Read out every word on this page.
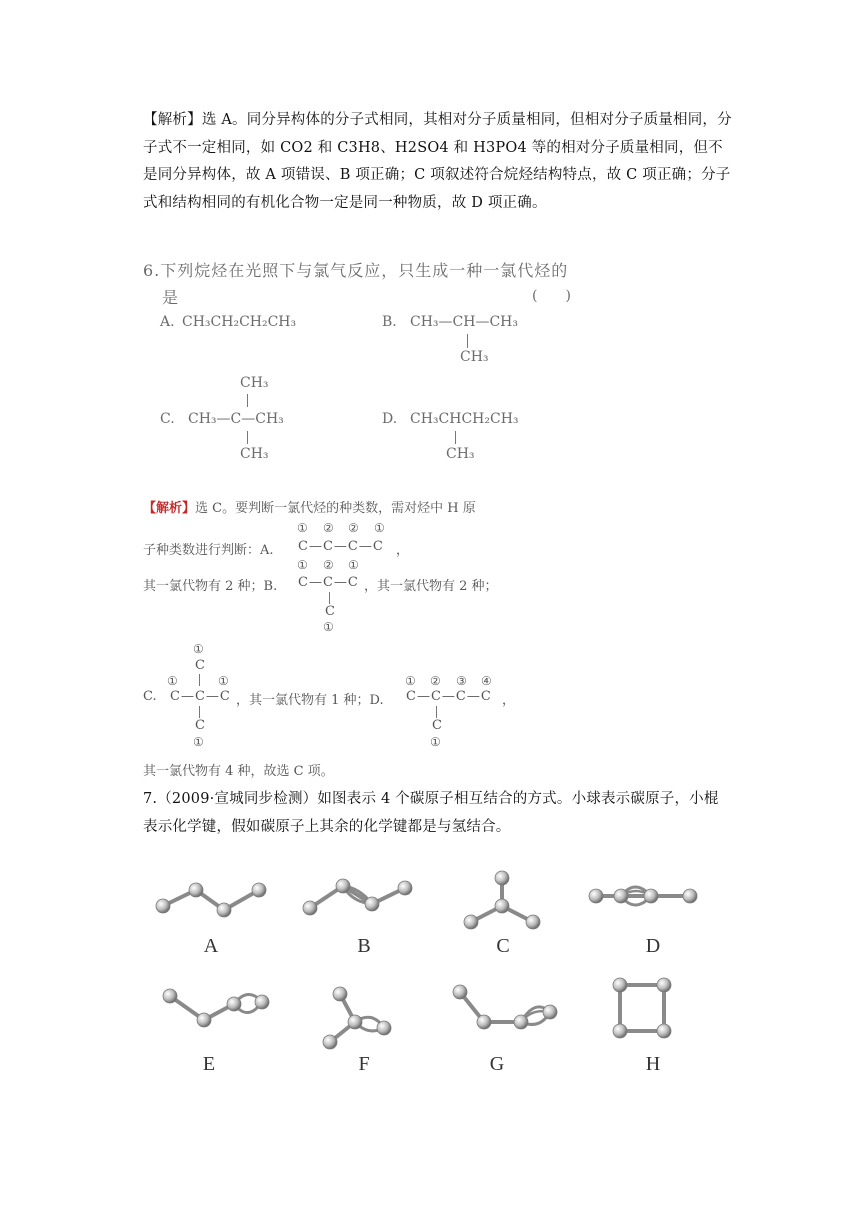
【解析】选 A。同分异构体的分子式相同，其相对分子质量相同，但相对分子质量相同，分子式不一定相同，如 CO2 和 C3H8、H2SO4 和 H3PO4 等的相对分子质量相同，但不是同分异构体，故 A 项错误、B 项正确；C 项叙述符合烷烃结构特点，故 C 项正确；分子式和结构相同的有机化合物一定是同一种物质，故 D 项正确。
6.下列烷烃在光照下与氯气反应，只生成一种一氯代烃的
是	(　　)
A. CH₃CH₂CH₂CH₃	B. CH₃—CH—CH₃
CH₃
CH₃
C. CH₃—C—CH₃
CH₃
D. CH₃CHCH₂CH₃
CH₃
【解析】选 C。要判断一氯代烃的种类数，需对烃中 H 原
子种类数进行判断：A.
① ② ② ①
C—C—C—C ，
其一氯代物有 2 种；B.
① ② ①
C—C—C ，其一氯代物有 2 种；
C
①
①
C
①	①
C. C—C—C ，其一氯代物有 1 种；D.
C
①
① ② ③ ④
C—C—C—C ，
C
①
其一氯代物有 4 种，故选 C 项。
7.（2009·宣城同步检测）如图表示 4 个碳原子相互结合的方式。小球表示碳原子，小棍表示化学键，假如碳原子上其余的化学键都是与氢结合。
A	B	C	D
E	F	G	H
